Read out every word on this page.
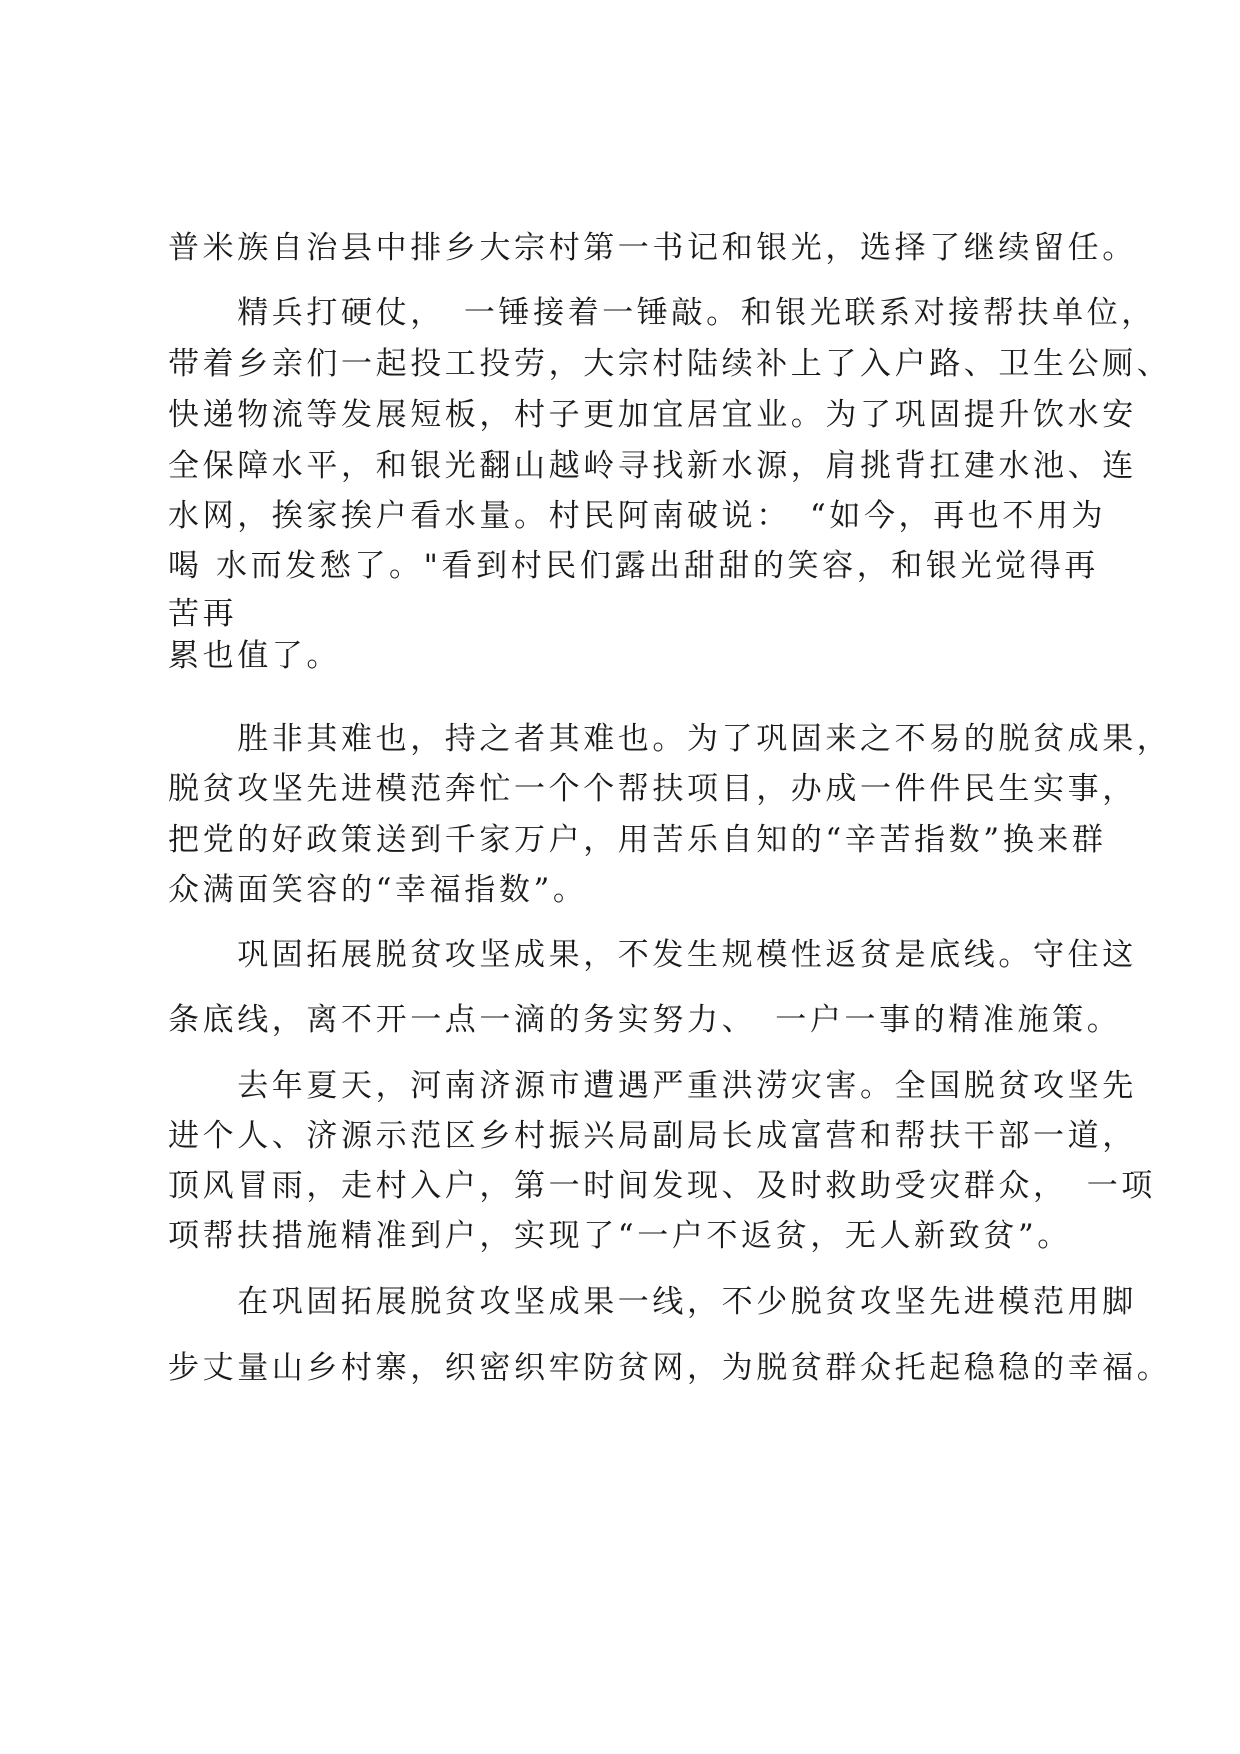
普米族自治县中排乡大宗村第一书记和银光，选择了继续留任。

　　精兵打硬仗，　一锤接着一锤敲。和银光联系对接帮扶单位，

带着乡亲们一起投工投劳，大宗村陆续补上了入户路、卫生公厕、

快递物流等发展短板，村子更加宜居宜业。为了巩固提升饮水安

全保障水平，和银光翻山越岭寻找新水源，肩挑背扛建水池、连

水网，挨家挨户看水量。村民阿南破说：　“如今，再也不用为

喝 水而发愁了。"看到村民们露出甜甜的笑容，和银光觉得再

苦再

累也值了。

　　胜非其难也，持之者其难也。为了巩固来之不易的脱贫成果，

脱贫攻坚先进模范奔忙一个个帮扶项目，办成一件件民生实事，

把党的好政策送到千家万户，用苦乐自知的“辛苦指数”换来群

众满面笑容的“幸福指数”。

　　巩固拓展脱贫攻坚成果，不发生规模性返贫是底线。守住这

条底线，离不开一点一滴的务实努力、　一户一事的精准施策。

　　去年夏天，河南济源市遭遇严重洪涝灾害。全国脱贫攻坚先

进个人、济源示范区乡村振兴局副局长成富营和帮扶干部一道，

顶风冒雨，走村入户，第一时间发现、及时救助受灾群众，　一项

项帮扶措施精准到户，实现了“一户不返贫，无人新致贫”。

　　在巩固拓展脱贫攻坚成果一线，不少脱贫攻坚先进模范用脚

步丈量山乡村寨，织密织牢防贫网，为脱贫群众托起稳稳的幸福。
